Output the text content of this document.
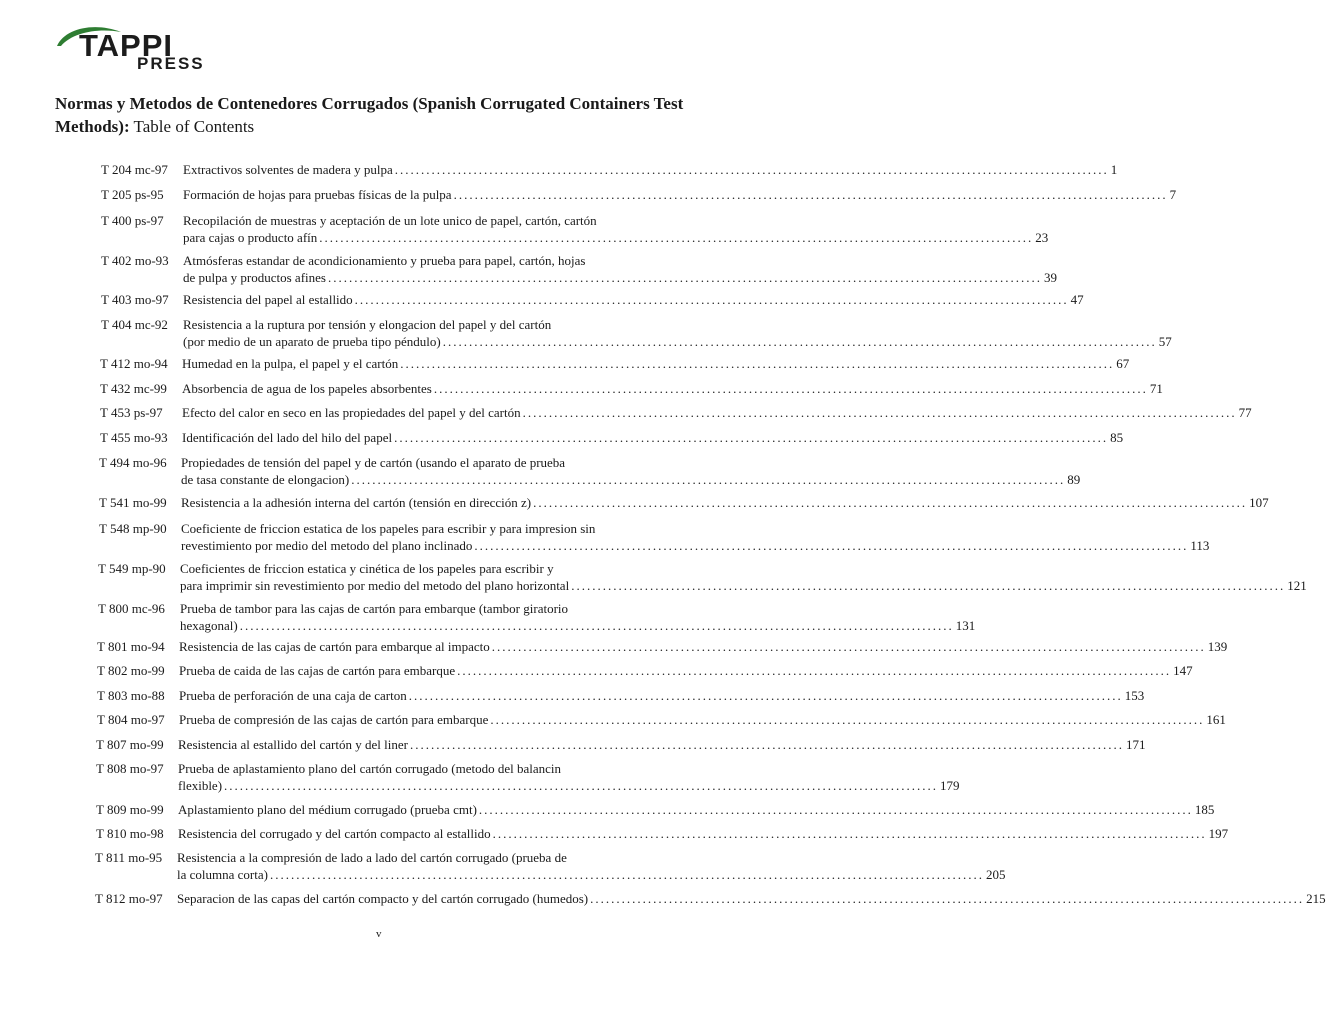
TAPPI
PRESS
Normas y Metodos de Contenedores Corrugados (Spanish Corrugated Containers Test Methods): Table of Contents
T 204 mc-97 Extractivos solventes de madera y pulpa ........................................................................................................................................ 1
T 205 ps-95 Formación de hojas para pruebas físicas de la pulpa ........................................................................................................................................ 7
T 400 ps-97 Recopilación de muestras y aceptación de un lote unico de papel, cartón, cartón
para cajas o producto afín ........................................................................................................................................ 23
T 402 mo-93 Atmósferas estandar de acondicionamiento y prueba para papel, cartón, hojas
de pulpa y productos afines ........................................................................................................................................ 39
T 403 mo-97 Resistencia del papel al estallido ........................................................................................................................................ 47
T 404 mc-92 Resistencia a la ruptura por tensión y elongacion del papel y del cartón
(por medio de un aparato de prueba tipo péndulo) ........................................................................................................................................ 57
T 412 mo-94 Humedad en la pulpa, el papel y el cartón ........................................................................................................................................ 67
T 432 mc-99 Absorbencia de agua de los papeles absorbentes ........................................................................................................................................ 71
T 453 ps-97 Efecto del calor en seco en las propiedades del papel y del cartón ........................................................................................................................................ 77
T 455 mo-93 Identificación del lado del hilo del papel ........................................................................................................................................ 85
T 494 mo-96 Propiedades de tensión del papel y de cartón (usando el aparato de prueba
de tasa constante de elongacion) ........................................................................................................................................ 89
T 541 mo-99 Resistencia a la adhesión interna del cartón (tensión en dirección z) ........................................................................................................................................ 107
T 548 mp-90 Coeficiente de friccion estatica de los papeles para escribir y para impresion sin
revestimiento por medio del metodo del plano inclinado ........................................................................................................................................ 113
T 549 mp-90 Coeficientes de friccion estatica y cinética de los papeles para escribir y
para imprimir sin revestimiento por medio del metodo del plano horizontal ........................................................................................................................................ 121
T 800 mc-96 Prueba de tambor para las cajas de cartón para embarque (tambor giratorio
hexagonal) ........................................................................................................................................ 131
T 801 mo-94 Resistencia de las cajas de cartón para embarque al impacto ........................................................................................................................................ 139
T 802 mo-99 Prueba de caida de las cajas de cartón para embarque ........................................................................................................................................ 147
T 803 mo-88 Prueba de perforación de una caja de carton ........................................................................................................................................ 153
T 804 mo-97 Prueba de compresión de las cajas de cartón para embarque ........................................................................................................................................ 161
T 807 mo-99 Resistencia al estallido del cartón y del liner ........................................................................................................................................ 171
T 808 mo-97 Prueba de aplastamiento plano del cartón corrugado (metodo del balancin
flexible) ........................................................................................................................................ 179
T 809 mo-99 Aplastamiento plano del médium corrugado (prueba cmt) ........................................................................................................................................ 185
T 810 mo-98 Resistencia del corrugado y del cartón compacto al estallido ........................................................................................................................................ 197
T 811 mo-95 Resistencia a la compresión de lado a lado del cartón corrugado (prueba de
la columna corta) ........................................................................................................................................ 205
T 812 mo-97 Separacion de las capas del cartón compacto y del cartón corrugado (humedos) ........................................................................................................................................ 215
v
